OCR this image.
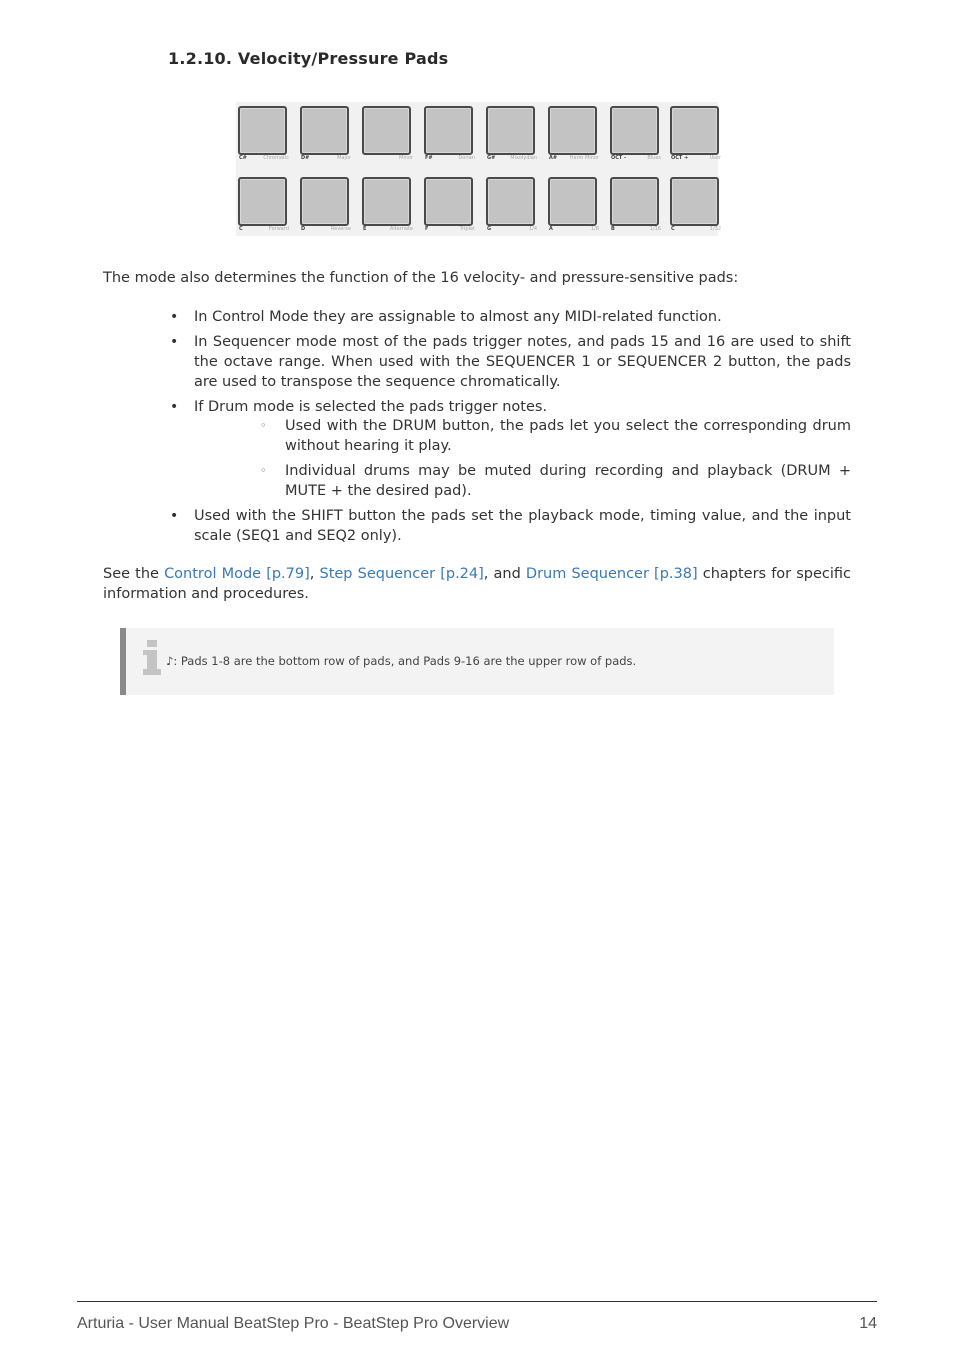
1.2.10. Velocity/Pressure Pads
C#	Chromatic D#	Major	Minor F#	Dorian G#	Mixolydian A#	Harm Minor OCT -	Blues OCT +	User
C	Forward D	Reverse E	Alternate F	Triplet G	1/4 A	1/8 B	1/16 C	1/32

The mode also determines the function of the 16 velocity- and pressure-sensitive pads:

• In Control Mode they are assignable to almost any MIDI-related function.
• In Sequencer mode most of the pads trigger notes, and pads 15 and 16 are used to shift the octave range. When used with the SEQUENCER 1 or SEQUENCER 2 button, the pads are used to transpose the sequence chromatically.
• If Drum mode is selected the pads trigger notes.
◦ Used with the DRUM button, the pads let you select the corresponding drum without hearing it play.
◦ Individual drums may be muted during recording and playback (DRUM + MUTE + the desired pad).
• Used with the SHIFT button the pads set the playback mode, timing value, and the input scale (SEQ1 and SEQ2 only).

See the Control Mode [p.79], Step Sequencer [p.24], and Drum Sequencer [p.38] chapters for specific information and procedures.

♪: Pads 1-8 are the bottom row of pads, and Pads 9-16 are the upper row of pads.
Arturia - User Manual BeatStep Pro - BeatStep Pro Overview	14
